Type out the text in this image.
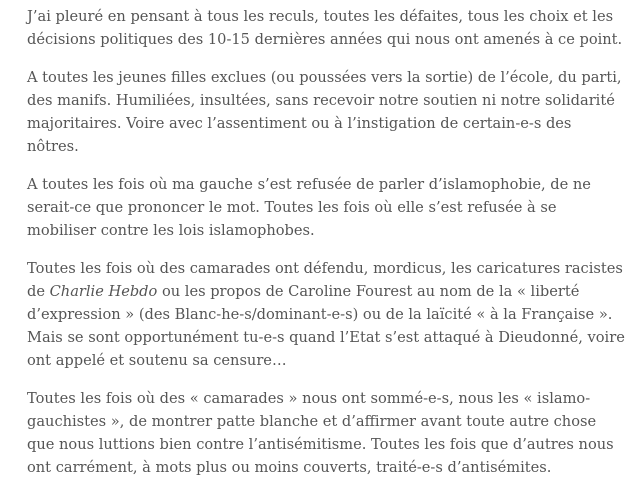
J’ai pleuré en pensant à tous les reculs, toutes les défaites, tous les choix et les décisions politiques des 10-15 dernières années qui nous ont amenés à ce point.

A toutes les jeunes filles exclues (ou poussées vers la sortie) de l’école, du parti, des manifs. Humiliées, insultées, sans recevoir notre soutien ni notre solidarité majoritaires. Voire avec l’assentiment ou à l’instigation de certain-e-s des nôtres.

A toutes les fois où ma gauche s’est refusée de parler d’islamophobie, de ne serait-ce que prononcer le mot. Toutes les fois où elle s’est refusée à se mobiliser contre les lois islamophobes.

Toutes les fois où des camarades ont défendu, mordicus, les caricatures racistes de Charlie Hebdo ou les propos de Caroline Fourest au nom de la « liberté d’expression » (des Blanc-he-s/dominant-e-s) ou de la laïcité « à la Française ». Mais se sont opportunément tu-e-s quand l’Etat s’est attaqué à Dieudonné, voire ont appelé et soutenu sa censure…

Toutes les fois où des « camarades » nous ont sommé-e-s, nous les « islamo-gauchistes », de montrer patte blanche et d’affirmer avant toute autre chose que nous luttions bien contre l’antisémitisme. Toutes les fois que d’autres nous ont carrément, à mots plus ou moins couverts, traité-e-s d’antisémites.
